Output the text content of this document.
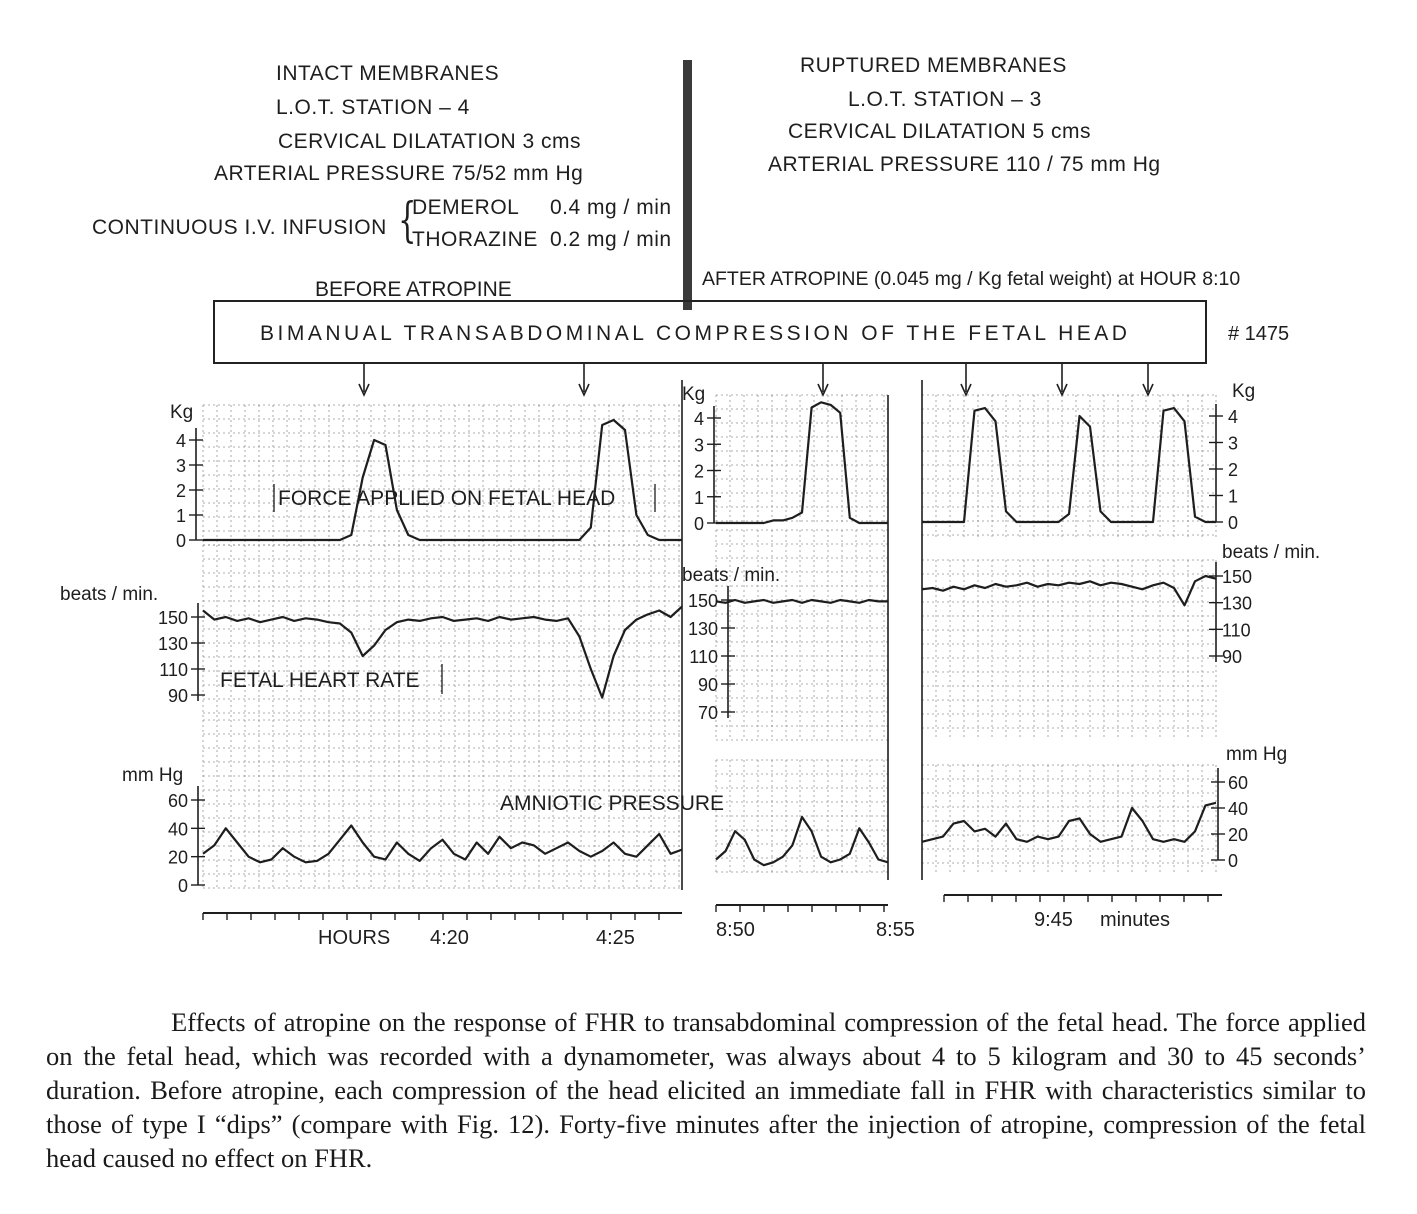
INTACT MEMBRANES
L.O.T. STATION – 4
CERVICAL DILATATION 3 cms
ARTERIAL PRESSURE 75/52 mm Hg
CONTINUOUS I.V. INFUSION
DEMEROL 0.4 mg / min
THORAZINE 0.2 mg / min
{
RUPTURED MEMBRANES
L.O.T. STATION – 3
CERVICAL DILATATION 5 cms
ARTERIAL PRESSURE 110 / 75 mm Hg
BEFORE ATROPINE	AFTER ATROPINE (0.045 mg / Kg fetal weight) at HOUR 8:10
BIMANUAL TRANSABDOMINAL COMPRESSION OF THE FETAL HEAD	# 1475
4
3
2
1
0
Kg
150
130
110
90
beats / min.
60
40
20
0
mm Hg
4
3
2
1
0
Kg
150
130
110
90
70
beats / min.
4
3
2
1
0
Kg
150
130
110
90
beats / min.
60
40
20
0
mm Hg
FORCE APPLIED ON FETAL HEAD
FETAL HEART RATE
AMNIOTIC PRESSURE
HOURS 4:20	4:25	8:50	8:55	9:45 minutes

Effects of atropine on the response of FHR to transabdominal compression of the fetal head. The force applied on the fetal head, which was recorded with a dynamometer, was always about 4 to 5 kilogram and 30 to 45 seconds’ duration. Before atropine, each compression of the head elicited an immediate fall in FHR with characteristics similar to those of type I “dips” (compare with Fig. 12). Forty-five minutes after the injection of atropine, compression of the fetal head caused no effect on FHR.
